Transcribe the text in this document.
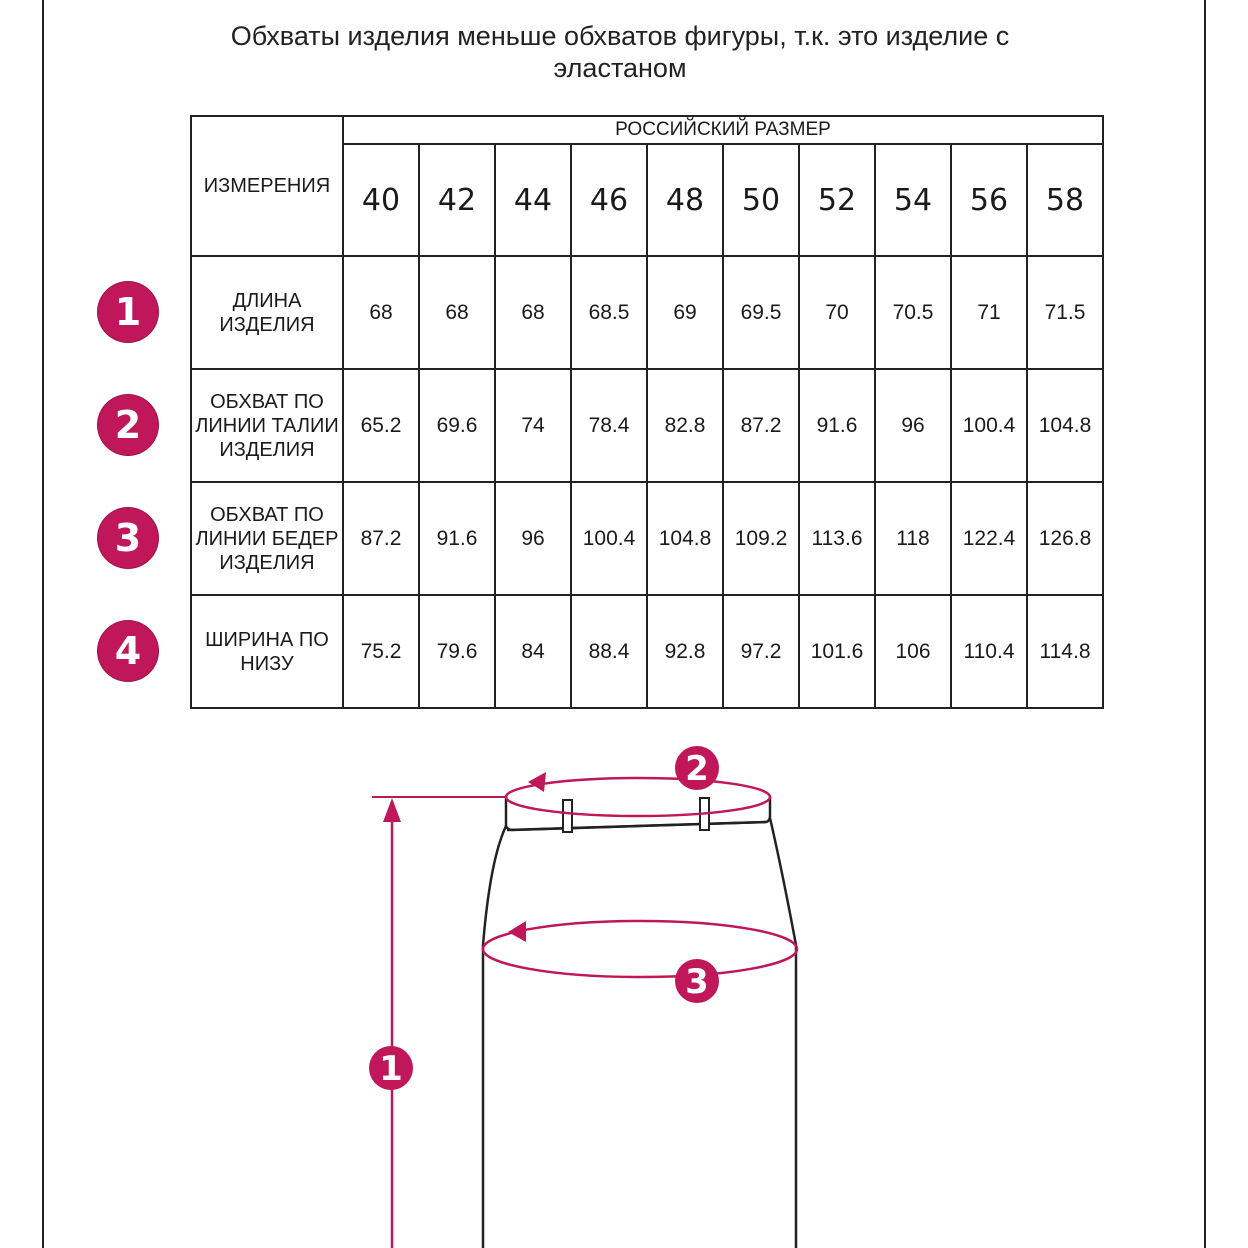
Обхваты изделия меньше обхватов фигуры, т.к. это изделие с эластаном
ИЗМЕРЕНИЯ	РОССИЙСКИЙ РАЗМЕР									
	40	42	44	46	48	50	52	54	56	58
ДЛИНА ИЗДЕЛИЯ	68	68	68	68.5	69	69.5	70	70.5	71	71.5
ОБХВАТ ПО ЛИНИИ ТАЛИИ ИЗДЕЛИЯ	65.2	69.6	74	78.4	82.8	87.2	91.6	96	100.4	104.8
ОБХВАТ ПО ЛИНИИ БЕДЕР ИЗДЕЛИЯ	87.2	91.6	96	100.4	104.8	109.2	113.6	118	122.4	126.8
ШИРИНА ПО НИЗУ	75.2	79.6	84	88.4	92.8	97.2	101.6	106	110.4	114.8
1
2
3
4
2
3
1
